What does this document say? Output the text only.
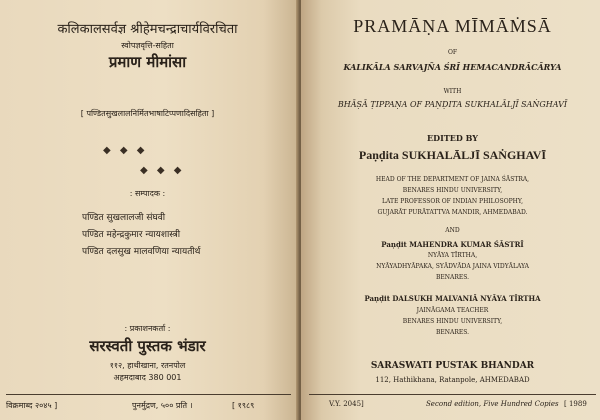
कलिकालसर्वज्ञ श्रीहेमचन्द्राचार्यविरचिता
स्वोपज्ञवृत्ति-सहिता
प्रमाण मीमांसा
[ पण्डितसुखलालनिर्मितभाषाटिप्पणादिसहिता ]
◆ ◆ ◆
◆ ◆ ◆
: सम्पादक :
पण्डित सुखलालजी संघवी
पण्डित महेन्द्रकुमार न्यायशास्त्री
पण्डित दलसुख मालवणिया न्यायतीर्थ
: प्रकाशनकर्ता :
सरस्वती पुस्तक भंडार
११२, हाथीखाना, रतनपोल
अहमदाबाद 380 001
विक्रमाब्द २०४५ ]	पुनर्मुद्रण, ५०० प्रति ।	[ १९८९
PRAMĀṆA MĪMĀṀSĀ
OF
KALIKĀLA SARVAJÑA ŚRĪ HEMACANDRĀCĀRYA
WITH
BHĀṢĀ ṬIPPAṆA OF PAṆḌITA SUKHALĀLJĪ SAṄGHAVĪ
EDITED BY
Paṇḍita SUKHALĀLJĪ SAṄGHAVĪ
HEAD OF THE DEPARTMENT OF JAINA ŚĀSTRA,
BENARES HINDU UNIVERSITY,
LATE PROFESSOR OF INDIAN PHILOSOPHY,
GUJARĀT PURĀTATTVA MANDIR, AHMEDABAD.
AND
Paṇḍit MAHENDRA KUMAR ŚĀSTRĪ
NYĀYA TĪRTHA,
NYĀYADHYĀPAKA, SYĀDVĀDA JAINA VIDYĀLAYA
BENARES.
Paṇḍit DALSUKH MALVANIĀ NYĀYA TĪRTHA
JAINĀGAMA TEACHER
BENARES HINDU UNIVERSITY,
BENARES.
SARASWATI PUSTAK BHANDAR
112, Hathikhana, Ratanpole, AHMEDABAD
V.Y. 2045]	Second edition, Five Hundred Copies [ 1989
